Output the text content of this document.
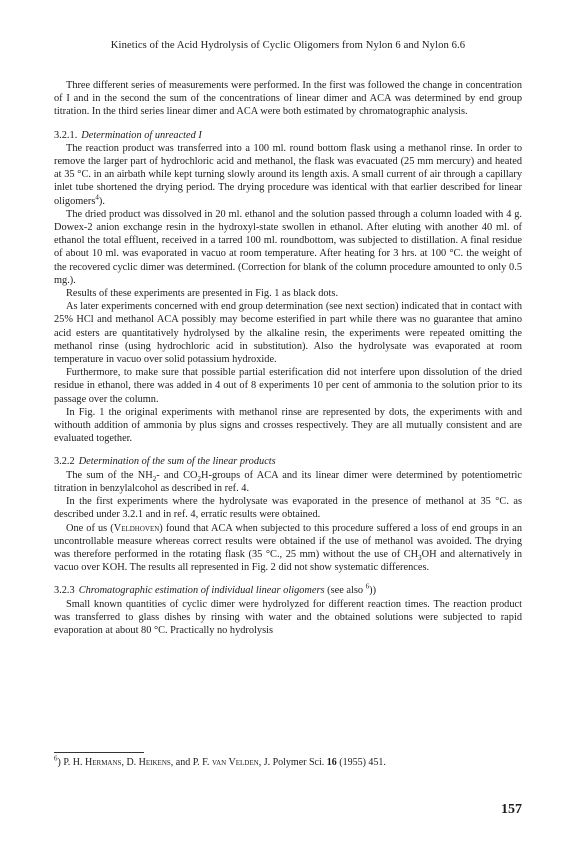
Kinetics of the Acid Hydrolysis of Cyclic Oligomers from Nylon 6 and Nylon 6.6

Three different series of measurements were performed. In the first was followed the change in concentration of I and in the second the sum of the concentrations of linear dimer and ACA was determined by end group titration. In the third series linear dimer and ACA were both estimated by chromatographic analysis.

3.2.1. Determination of unreacted I

The reaction product was transferred into a 100 ml. round bottom flask using a methanol rinse. In order to remove the larger part of hydrochloric acid and methanol, the flask was evacuated (25 mm mercury) and heated at 35 °C. in an airbath while kept turning slowly around its length axis. A small current of air through a capillary inlet tube shortened the drying period. The drying procedure was identical with that earlier described for linear oligomers$^4$).

The dried product was dissolved in 20 ml. ethanol and the solution passed through a column loaded with 4 g. Dowex-2 anion exchange resin in the hydroxyl-state swollen in ethanol. After eluting with another 40 ml. of ethanol the total effluent, received in a tarred 100 ml. roundbottom, was subjected to distillation. A final residue of about 10 ml. was evaporated in vacuo at room temperature. After heating for 3 hrs. at 100 °C. the weight of the recovered cyclic dimer was determined. (Correction for blank of the column procedure amounted to only 0.5 mg.).

Results of these experiments are presented in Fig. 1 as black dots.

As later experiments concerned with end group determination (see next section) indicated that in contact with 25% HCl and methanol ACA possibly may become esterified in part while there was no guarantee that amino acid esters are quantitatively hydrolysed by the alkaline resin, the experiments were repeated omitting the methanol rinse (using hydrochloric acid in substitution). Also the hydrolysate was evaporated at room temperature in vacuo over solid potassium hydroxide.

Furthermore, to make sure that possible partial esterification did not interfere upon dissolution of the dried residue in ethanol, there was added in 4 out of 8 experiments 10 per cent of ammonia to the solution prior to its passage over the column.

In Fig. 1 the original experiments with methanol rinse are represented by dots, the experiments with and withouth addition of ammonia by plus signs and crosses respectively. They are all mutually consistent and are evaluated together.

3.2.2 Determination of the sum of the linear products

The sum of the $NH_2-$ and $CO_2H$-groups of ACA and its linear dimer were determined by potentiometric titration in benzylalcohol as described in ref. 4.

In the first experiments where the hydrolysate was evaporated in the presence of methanol at 35 °C. as described under 3.2.1 and in ref. 4, erratic results were obtained.

One of us (Veldhoven) found that ACA when subjected to this procedure suffered a loss of end groups in an uncontrollable measure whereas correct results were obtained if the use of methanol was avoided. The drying was therefore performed in the rotating flask (35 °C., 25 mm) without the use of $CH_3OH$ and alternatively in vacuo over KOH. The results all represented in Fig. 2 did not show systematic differences.

3.2.3 Chromatographic estimation of individual linear oligomers (see also $^6$))

Small known quantities of cyclic dimer were hydrolyzed for different reaction times. The reaction product was transferred to glass dishes by rinsing with water and the obtained solutions were subjected to rapid evaporation at about 80 °C. Practically no hydrolysis

$^6$) P. H. Hermans, D. Heikens, and P. F. van Velden, J. Polymer Sci. 16 (1955) 451.
157
